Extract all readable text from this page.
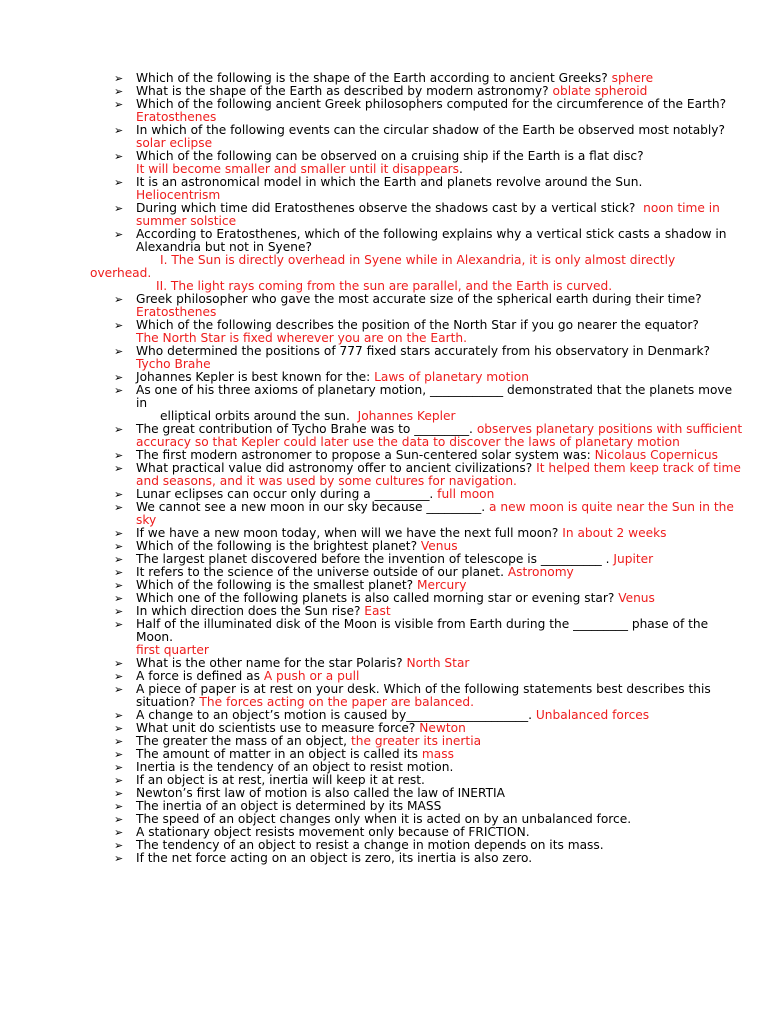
➢ Which of the following is the shape of the Earth according to ancient Greeks? sphere
➢ What is the shape of the Earth as described by modern astronomy? oblate spheroid
➢ Which of the following ancient Greek philosophers computed for the circumference of the Earth? Eratosthenes
➢ In which of the following events can the circular shadow of the Earth be observed most notably?
solar eclipse
➢ Which of the following can be observed on a cruising ship if the Earth is a flat disc?
It will become smaller and smaller until it disappears.
➢ It is an astronomical model in which the Earth and planets revolve around the Sun.
Heliocentrism
➢ During which time did Eratosthenes observe the shadows cast by a vertical stick? noon time in summer solstice
➢ According to Eratosthenes, which of the following explains why a vertical stick casts a shadow in Alexandria but not in Syene?
I. The Sun is directly overhead in Syene while in Alexandria, it is only almost directly overhead.
II. The light rays coming from the sun are parallel, and the Earth is curved.
➢ Greek philosopher who gave the most accurate size of the spherical earth during their time?
Eratosthenes
➢ Which of the following describes the position of the North Star if you go nearer the equator?
The North Star is fixed wherever you are on the Earth.
➢ Who determined the positions of 777 fixed stars accurately from his observatory in Denmark?
Tycho Brahe
➢ Johannes Kepler is best known for the: Laws of planetary motion
➢ As one of his three axioms of planetary motion, ____________ demonstrated that the planets move in
elliptical orbits around the sun. Johannes Kepler
➢ The great contribution of Tycho Brahe was to _________. observes planetary positions with sufficient accuracy so that Kepler could later use the data to discover the laws of planetary motion
➢ The first modern astronomer to propose a Sun-centered solar system was: Nicolaus Copernicus
➢ What practical value did astronomy offer to ancient civilizations? It helped them keep track of time and seasons, and it was used by some cultures for navigation.
➢ Lunar eclipses can occur only during a _________. full moon
➢ We cannot see a new moon in our sky because _________. a new moon is quite near the Sun in the sky
➢ If we have a new moon today, when will we have the next full moon? In about 2 weeks
➢ Which of the following is the brightest planet? Venus
➢ The largest planet discovered before the invention of telescope is __________ . Jupiter
➢ It refers to the science of the universe outside of our planet. Astronomy
➢ Which of the following is the smallest planet? Mercury
➢ Which one of the following planets is also called morning star or evening star? Venus
➢ In which direction does the Sun rise? East
➢ Half of the illuminated disk of the Moon is visible from Earth during the _________ phase of the Moon.
first quarter
➢ What is the other name for the star Polaris? North Star
➢ A force is defined as A push or a pull
➢ A piece of paper is at rest on your desk. Which of the following statements best describes this situation? The forces acting on the paper are balanced.
➢ A change to an object’s motion is caused by____________________. Unbalanced forces
➢ What unit do scientists use to measure force? Newton
➢ The greater the mass of an object, the greater its inertia
➢ The amount of matter in an object is called its mass
➢ Inertia is the tendency of an object to resist motion.
➢ If an object is at rest, inertia will keep it at rest.
➢ Newton’s first law of motion is also called the law of INERTIA
➢ The inertia of an object is determined by its MASS
➢ The speed of an object changes only when it is acted on by an unbalanced force.
➢ A stationary object resists movement only because of FRICTION.
➢ The tendency of an object to resist a change in motion depends on its mass.
➢ If the net force acting on an object is zero, its inertia is also zero.
